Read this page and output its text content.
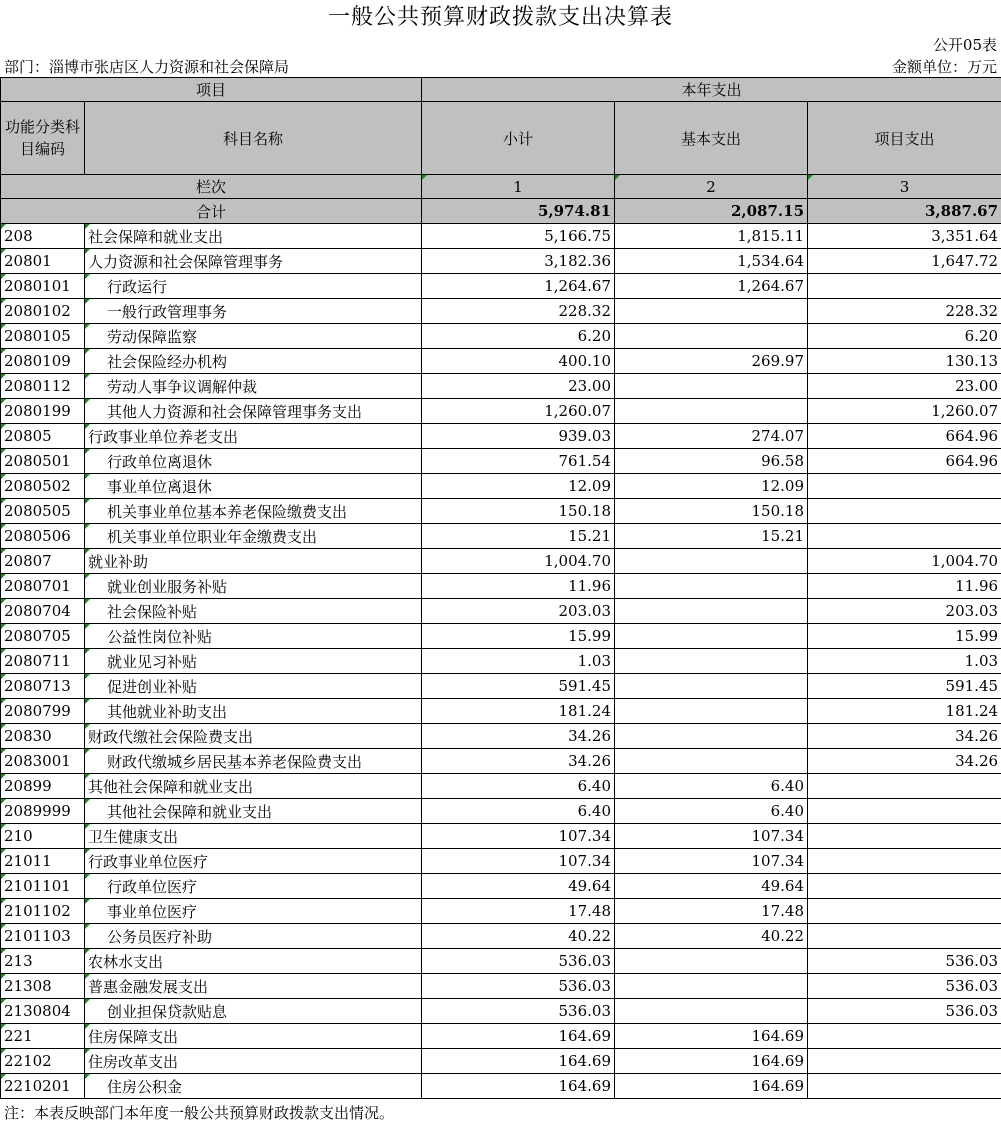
一般公共预算财政拨款支出决算表
公开05表
部门：淄博市张店区人力资源和社会保障局	金额单位：万元
项目		本年支出		
功能分类科目编码	科目名称	小计	基本支出	项目支出
栏次		1	2	3
合计		5,974.81	2,087.15	3,887.67
208	社会保障和就业支出	5,166.75	1,815.11	3,351.64
20801	人力资源和社会保障管理事务	3,182.36	1,534.64	1,647.72
2080101	行政运行	1,264.67	1,264.67	
2080102	一般行政管理事务	228.32		228.32
2080105	劳动保障监察	6.20		6.20
2080109	社会保险经办机构	400.10	269.97	130.13
2080112	劳动人事争议调解仲裁	23.00		23.00
2080199	其他人力资源和社会保障管理事务支出	1,260.07		1,260.07
20805	行政事业单位养老支出	939.03	274.07	664.96
2080501	行政单位离退休	761.54	96.58	664.96
2080502	事业单位离退休	12.09	12.09	
2080505	机关事业单位基本养老保险缴费支出	150.18	150.18	
2080506	机关事业单位职业年金缴费支出	15.21	15.21	
20807	就业补助	1,004.70		1,004.70
2080701	就业创业服务补贴	11.96		11.96
2080704	社会保险补贴	203.03		203.03
2080705	公益性岗位补贴	15.99		15.99
2080711	就业见习补贴	1.03		1.03
2080713	促进创业补贴	591.45		591.45
2080799	其他就业补助支出	181.24		181.24
20830	财政代缴社会保险费支出	34.26		34.26
2083001	财政代缴城乡居民基本养老保险费支出	34.26		34.26
20899	其他社会保障和就业支出	6.40	6.40	
2089999	其他社会保障和就业支出	6.40	6.40	
210	卫生健康支出	107.34	107.34	
21011	行政事业单位医疗	107.34	107.34	
2101101	行政单位医疗	49.64	49.64	
2101102	事业单位医疗	17.48	17.48	
2101103	公务员医疗补助	40.22	40.22	
213	农林水支出	536.03		536.03
21308	普惠金融发展支出	536.03		536.03
2130804	创业担保贷款贴息	536.03		536.03
221	住房保障支出	164.69	164.69	
22102	住房改革支出	164.69	164.69	
2210201	住房公积金	164.69	164.69	
注：本表反映部门本年度一般公共预算财政拨款支出情况。
